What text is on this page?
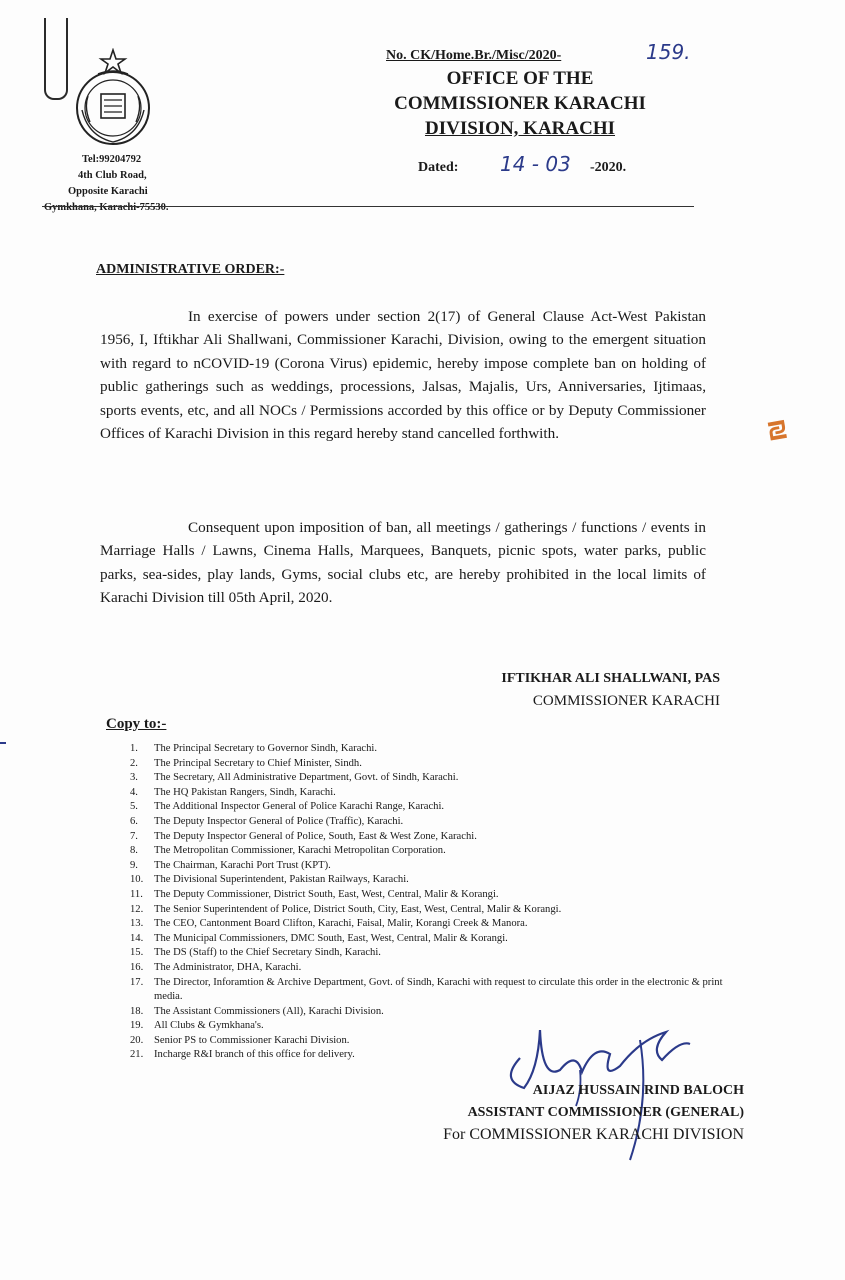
Tel:99204792
4th Club Road,
Opposite Karachi
Gymkhana, Karachi-75530.
No. CK/Home.Br./Misc/2020-	159.
OFFICE OF THE
COMMISSIONER KARACHI
DIVISION, KARACHI
Dated: 14 - 03 -2020.
ADMINISTRATIVE ORDER:-
In exercise of powers under section 2(17) of General Clause Act-West Pakistan 1956, I, Iftikhar Ali Shallwani, Commissioner Karachi, Division, owing to the emergent situation with regard to nCOVID-19 (Corona Virus) epidemic, hereby impose complete ban on holding of public gatherings such as weddings, processions, Jalsas, Majalis, Urs, Anniversaries, Ijtimaas, sports events, etc, and all NOCs / Permissions accorded by this office or by Deputy Commissioner Offices of Karachi Division in this regard hereby stand cancelled forthwith.
Consequent upon imposition of ban, all meetings / gatherings / functions / events in Marriage Halls / Lawns, Cinema Halls, Marquees, Banquets, picnic spots, water parks, public parks, sea-sides, play lands, Gyms, social clubs etc, are hereby prohibited in the local limits of Karachi Division till 05th April, 2020.
₪
IFTIKHAR ALI SHALLWANI, PAS
COMMISSIONER KARACHI
Copy to:-
1.	The Principal Secretary to Governor Sindh, Karachi.
2.	The Principal Secretary to Chief Minister, Sindh.
3.	The Secretary, All Administrative Department, Govt. of Sindh, Karachi.
4.	The HQ Pakistan Rangers, Sindh, Karachi.
5.	The Additional Inspector General of Police Karachi Range, Karachi.
6.	The Deputy Inspector General of Police (Traffic), Karachi.
7.	The Deputy Inspector General of Police, South, East & West Zone, Karachi.
8.	The Metropolitan Commissioner, Karachi Metropolitan Corporation.
9.	The Chairman, Karachi Port Trust (KPT).
10.	The Divisional Superintendent, Pakistan Railways, Karachi.
11.	The Deputy Commissioner, District South, East, West, Central, Malir & Korangi.
12.	The Senior Superintendent of Police, District South, City, East, West, Central, Malir & Korangi.
13.	The CEO, Cantonment Board Clifton, Karachi, Faisal, Malir, Korangi Creek & Manora.
14.	The Municipal Commissioners, DMC South, East, West, Central, Malir & Korangi.
15.	The DS (Staff) to the Chief Secretary Sindh, Karachi.
16.	The Administrator, DHA, Karachi.
17.	The Director, Inforamtion & Archive Department, Govt. of Sindh, Karachi with request to circulate this order in the electronic & print media.
18.	The Assistant Commissioners (All), Karachi Division.
19.	All Clubs & Gymkhana's.
20.	Senior PS to Commissioner Karachi Division.
21.	Incharge R&I branch of this office for delivery.
AIJAZ HUSSAIN RIND BALOCH
ASSISTANT COMMISSIONER (GENERAL)
For COMMISSIONER KARACHI DIVISION
